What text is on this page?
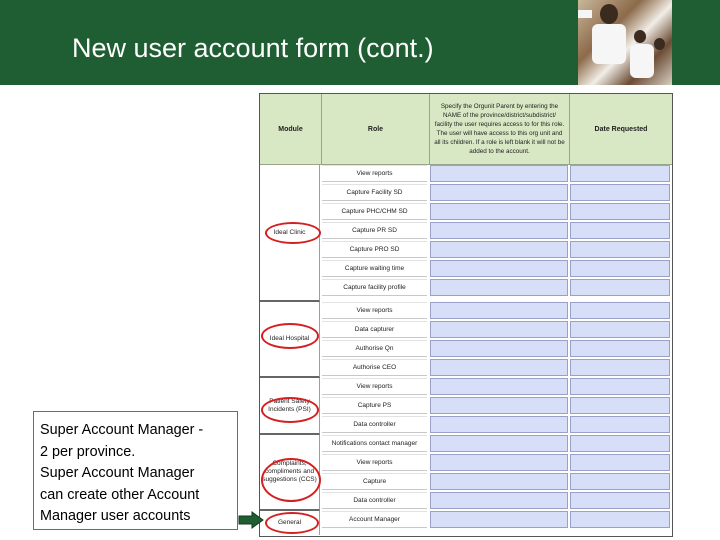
New user account form (cont.)
Module	Role
Specify the Orgunit Parent by entering the NAME of the province/district/subdistrict/ facility the user requires access to for this role. The user will have access to this org unit and all its children. If a role is left blank it will not be added to the account.
Date Requested
Ideal Clinic
Ideal Hospital
Patient Safety Incidents (PSI)
Complaints, compliments and suggestions (CCS)
General
View reports
Capture Facility SD
Capture PHC/CHM SD
Capture PR SD
Capture PRO SD
Capture waiting time
Capture facility profile
View reports
Data capturer
Authorise Qn
Authorise CEO
View reports
Capture PS
Data controller
Notifications contact manager
View reports
Capture
Data controller
Account Manager
Super Account Manager -
2 per province.
Super Account Manager
can create other Account
Manager user accounts
